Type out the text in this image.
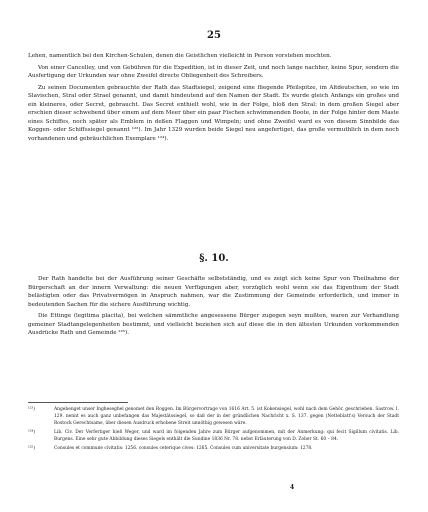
25

Lehen, namentlich bei den Kirchen-Schulen, denen die Geistlichen vielleicht in Person vorstehen mochten.

Von einer Cancelley, und von Gebühren für die Expedition, ist in dieser Zeit, und noch lange nachher, keine Spur, sondern die Ausfertigung der Urkunden war ohne Zweifel directe Obliegenheit des Schreibers.

Zu seinen Documenten gebrauchte der Rath das Stadtsiegel, zeigend eine fliegende Pfeilspitze, im Altdeutschen, so wie im Slavischen, Stral oder Strael genannt, und damit hindeutend auf den Namen der Stadt. Es wurde gleich Anfangs ein großes und ein kleineres, oder Secret, gebraucht. Das Secret enthielt wohl, wie in der Folge, bloß den Stral: in dem großen Siegel aber erschien dieser schwebend über einem auf dem Meer über ein paar Fischen schwimmenden Boote, in der Folge hinter dem Maste eines Schiffes, noch später als Emblem in deßen Flaggen und Wimpeln; und ohne Zweifel ward es von diesem Sinnbilde das Koggen- oder Schiffssiegel genannt ¹²³). Im Jahr 1329 wurden beide Siegel neu angefertiget, das große vermuthlich in dem noch vorhandenen und gebräuchlichen Exemplare ¹²⁴).

§. 10.

Der Rath handelte bei der Ausführung seiner Geschäfte selbstständig, und es zeigt sich keine Spur von Theilnahme der Bürgerschaft an der innern Verwaltung: die neuen Verfügungen aber, vorzüglich wohl wenn sie das Eigenthum der Stadt belästigten oder das Privatvermögen in Anspruch nahmen, war die Zustimmung der Gemeinde erforderlich, und immer in bedeutenden Sachen für die sichere Ausführung wichtig.

Die Ettinge (legitima placita), bei welchen sämmtliche angesessene Bürger zugegen seyn mußten, waren zur Verhandlung gemeiner Stadtangelegenheiten bestimmt, und vielleicht beziehen sich auf diese die in den ältesten Urkunden vorkommenden Ausdrücke Rath und Gemeinde ¹²⁵).

¹²³)	Angebenget unser Ingheseghel genomet den Roggen. Im Bürgervortrage von 1616 Art. 5. ist Kokensiegel, wohl nach dem Gehör, geschrieben. Sastrow. I. 129. nennt es auch ganz unbefangen das Majestätssiegel, so daß der in der gründlichen Nachricht x. S. 137. gegen (Netteblatt's) Versuch der Stadt Rostock Gerechtsame, über diesen Ausdruck erhobene Streit unnöthig gewesen wäre.
¹²⁴)	Lib. Civ. Der Verfertiger hieß Weger, und ward im folgenden Jahre zum Bürger aufgenommen, mit der Anmerkung: qui fecit Sigillum civitatis. Lib. Burgens. Eine sehr gute Abbildung dieses Siegels enthält die Sundine 1836 Nr. 78. nebst Erläuterung von D. Zober St. 60 – 84.
¹²⁵)	Consules et commune civitatis: 1256. consules ceterique cives: 1265. Consules cum universitate burgensium: 1278.
4
